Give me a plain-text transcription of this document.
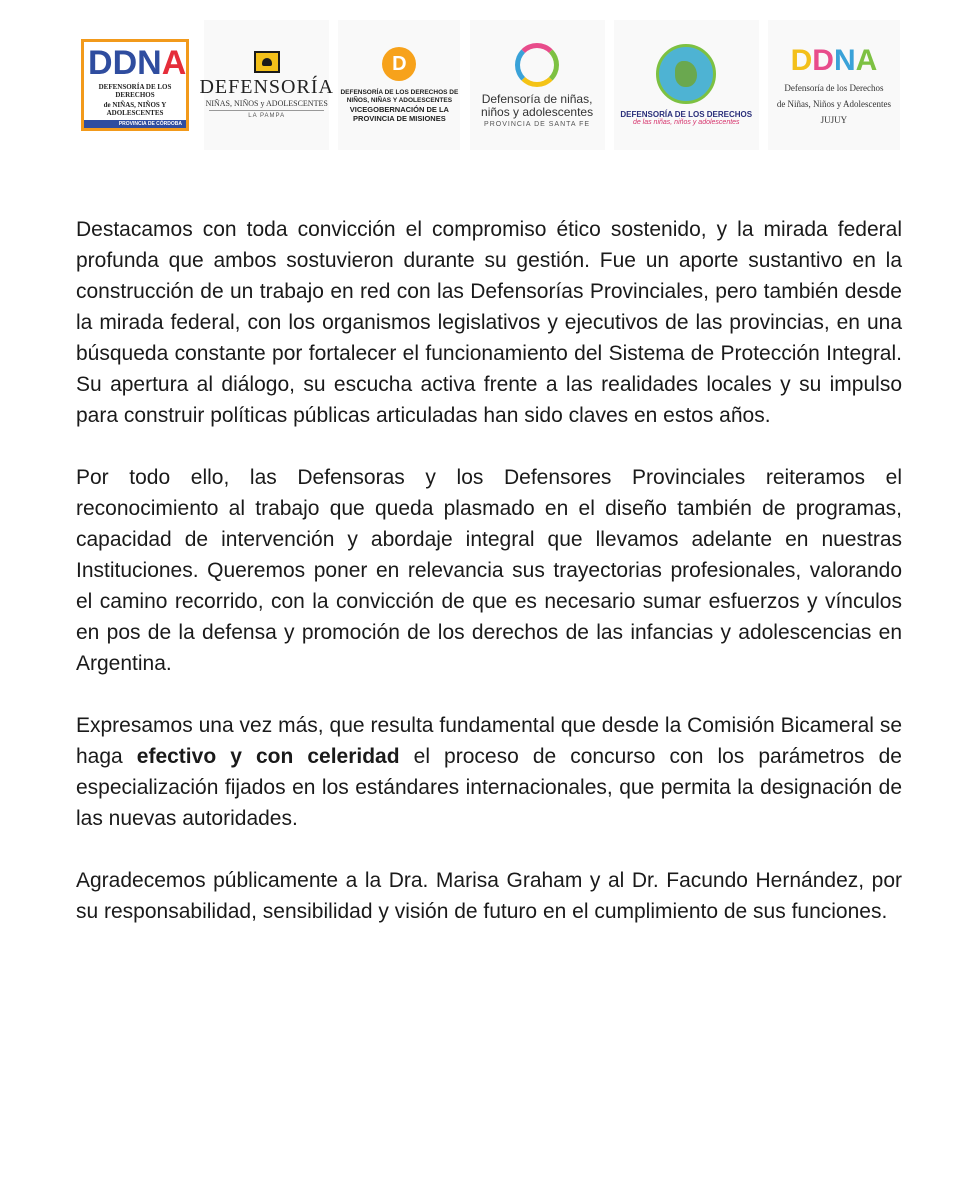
DDNA
DEFENSORÍA DE LOS DERECHOS
de NIÑAS, NIÑOS Y ADOLESCENTES
PROVINCIA DE CÓRDOBA
DEFENSORÍA
NIÑAS, NIÑOS y ADOLESCENTES
LA PAMPA
D
DEFENSORÍA DE LOS DERECHOS DE
NIÑOS, NIÑAS Y ADOLESCENTES
VICEGOBERNACIÓN DE LA
PROVINCIA DE MISIONES
Defensoría de niñas,
niños y adolescentes
PROVINCIA DE SANTA FE
DEFENSORÍA DE LOS DERECHOS
de las niñas, niños y adolescentes
DDNA
Defensoría de los Derechos
de Niñas, Niños y Adolescentes
JUJUY

Destacamos con toda convicción el compromiso ético sostenido, y la mirada federal profunda que ambos sostuvieron durante su gestión. Fue un aporte sustantivo en la construcción de un trabajo en red con las Defensorías Provinciales, pero también desde la mirada federal, con los organismos legislativos y ejecutivos de las provincias, en una búsqueda constante por fortalecer el funcionamiento del Sistema de Protección Integral. Su apertura al diálogo, su escucha activa frente a las realidades locales y su impulso para construir políticas públicas articuladas han sido claves en estos años.

Por todo ello, las Defensoras y los Defensores Provinciales reiteramos el reconocimiento al trabajo que queda plasmado en el diseño también de programas, capacidad de intervención y abordaje integral que llevamos adelante en nuestras Instituciones. Queremos poner en relevancia sus trayectorias profesionales, valorando el camino recorrido, con la convicción de que es necesario sumar esfuerzos y vínculos en pos de la defensa y promoción de los derechos de las infancias y adolescencias en Argentina.

Expresamos una vez más, que resulta fundamental que desde la Comisión Bicameral se haga efectivo y con celeridad el proceso de concurso con los parámetros de especialización fijados en los estándares internacionales, que permita la designación de las nuevas autoridades.

Agradecemos públicamente a la Dra. Marisa Graham y al Dr. Facundo Hernández, por su responsabilidad, sensibilidad y visión de futuro en el cumplimiento de sus funciones.
